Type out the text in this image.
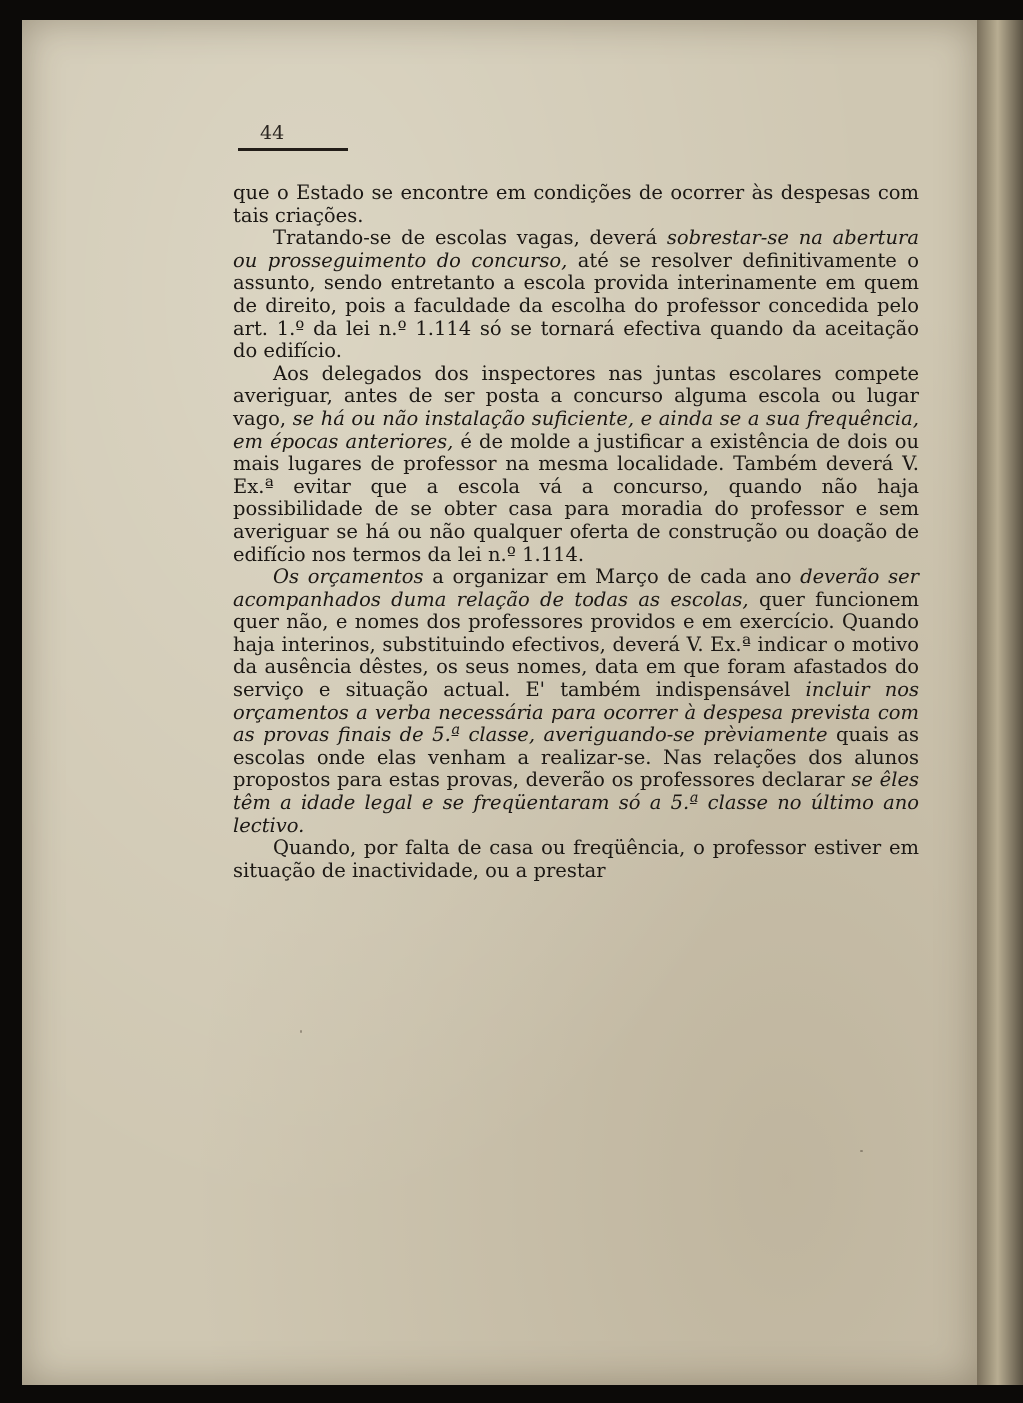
44

que o Estado se encontre em condições de ocorrer às despesas com tais criações.

Tratando-se de escolas vagas, deverá sobrestar-se na abertura ou prosseguimento do concurso, até se resolver definitivamente o assunto, sendo entretanto a escola provida interinamente em quem de direito, pois a faculdade da escolha do professor concedida pelo art. 1.º da lei n.º 1.114 só se tornará efectiva quando da aceitação do edifício.

Aos delegados dos inspectores nas juntas escolares compete averiguar, antes de ser posta a concurso alguma escola ou lugar vago, se há ou não instalação suficiente, e ainda se a sua frequência, em épocas anteriores, é de molde a justificar a existência de dois ou mais lugares de professor na mesma localidade. Também deverá V. Ex.ª evitar que a escola vá a concurso, quando não haja possibilidade de se obter casa para moradia do professor e sem averiguar se há ou não qualquer oferta de construção ou doação de edifício nos termos da lei n.º 1.114.

Os orçamentos a organizar em Março de cada ano deverão ser acompanhados duma relação de todas as escolas, quer funcionem quer não, e nomes dos professores providos e em exercício. Quando haja interinos, substituindo efectivos, deverá V. Ex.ª indicar o motivo da ausência dêstes, os seus nomes, data em que foram afastados do serviço e situação actual. E' também indispensável incluir nos orçamentos a verba necessária para ocorrer à despesa prevista com as provas finais de 5.ª classe, averiguando-se prèviamente quais as escolas onde elas venham a realizar-se. Nas relações dos alunos propostos para estas provas, deverão os professores declarar se êles têm a idade legal e se freqüentaram só a 5.ª classe no último ano lectivo.

Quando, por falta de casa ou freqüência, o professor estiver em situação de inactividade, ou a prestar
